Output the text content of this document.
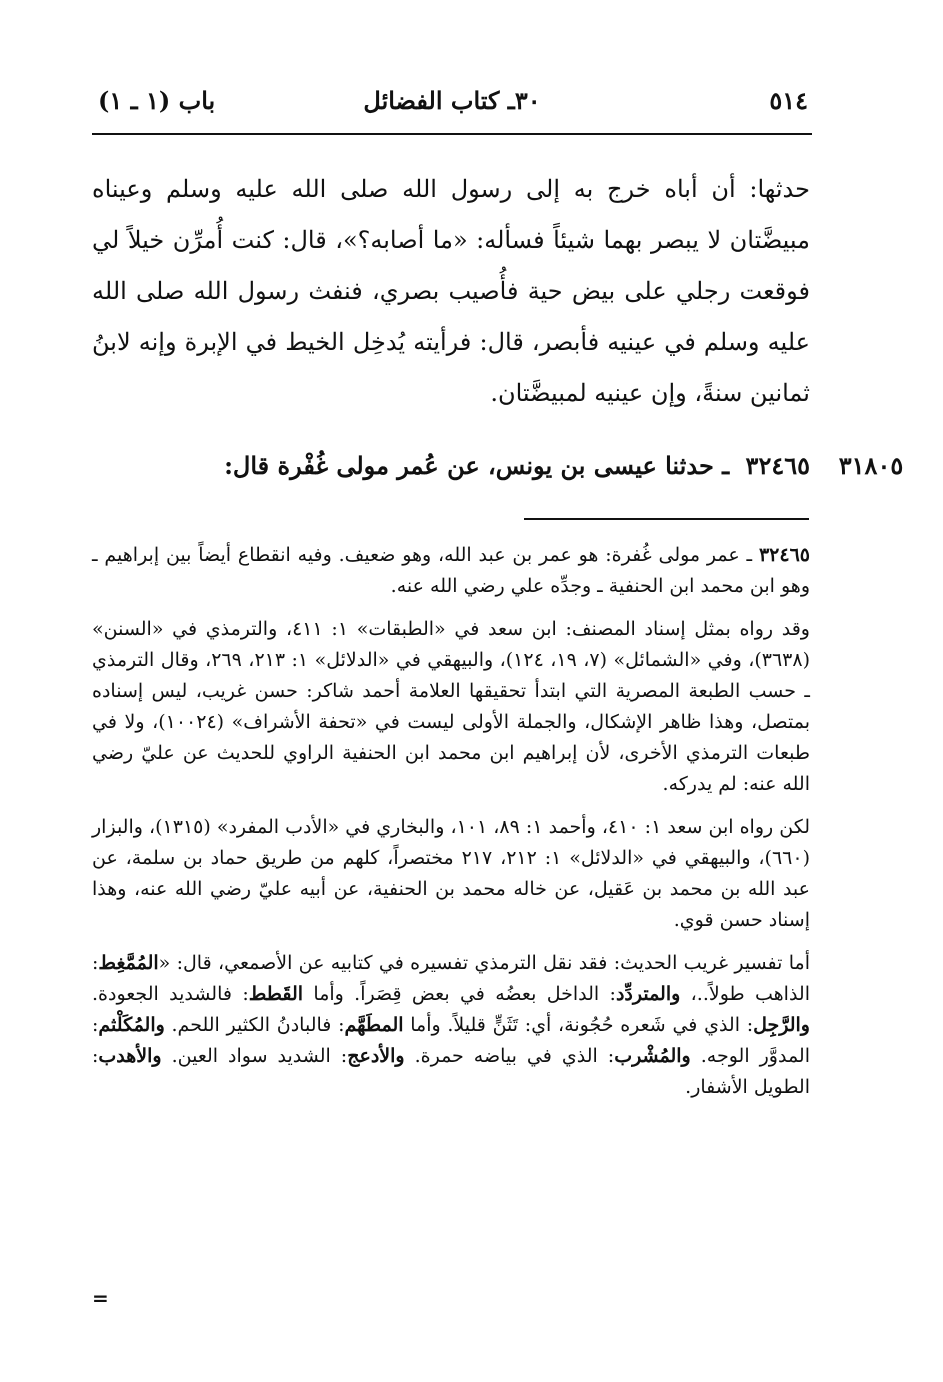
٥١٤
٣٠ـ كتاب الفضائل
باب (١ ـ ١)

حدثها: أن أباه خرج به إلى رسول الله صلى الله عليه وسلم وعيناه مبيضَّتان لا يبصر بهما شيئاً فسأله: «ما أصابه؟»، قال: كنت أُمرِّن خيلاً لي فوقعت رجلي على بيض حية فأُصيب بصري، فنفث رسول الله صلى الله عليه وسلم في عينيه فأبصر، قال: فرأيته يُدخِل الخيط في الإبرة وإنه لابنُ ثمانين سنةً، وإن عينيه لمبيضَّتان.

٣١٨٠٥
٣٢٤٦٥ ـ حدثنا عيسى بن يونس، عن عُمر مولى غُفْرة قال:

٣٢٤٦٥ ـ عمر مولى غُفرة: هو عمر بن عبد الله، وهو ضعيف. وفيه انقطاع أيضاً بين إبراهيم ـ وهو ابن محمد ابن الحنفية ـ وجدِّه علي رضي الله عنه.

وقد رواه بمثل إسناد المصنف: ابن سعد في «الطبقات» ١: ٤١١، والترمذي في «السنن» (٣٦٣٨)، وفي «الشمائل» (٧، ١٩، ١٢٤)، والبيهقي في «الدلائل» ١: ٢١٣، ٢٦٩، وقال الترمذي ـ حسب الطبعة المصرية التي ابتدأ تحقيقها العلامة أحمد شاكر: حسن غريب، ليس إسناده بمتصل، وهذا ظاهر الإشكال، والجملة الأولى ليست في «تحفة الأشراف» (١٠٠٢٤)، ولا في طبعات الترمذي الأخرى، لأن إبراهيم ابن محمد ابن الحنفية الراوي للحديث عن عليّ رضي الله عنه: لم يدركه.

لكن رواه ابن سعد ١: ٤١٠، وأحمد ١: ٨٩، ١٠١، والبخاري في «الأدب المفرد» (١٣١٥)، والبزار (٦٦٠)، والبيهقي في «الدلائل» ١: ٢١٢، ٢١٧ مختصراً، كلهم من طريق حماد بن سلمة، عن عبد الله بن محمد بن عَقيل، عن خاله محمد بن الحنفية، عن أبيه عليّ رضي الله عنه، وهذا إسناد حسن قوي.

أما تفسير غريب الحديث: فقد نقل الترمذي تفسيره في كتابيه عن الأصمعي، قال: «المُمَّغِط: الذاهب طولاً..، والمتردِّد: الداخل بعضُه في بعض قِصَراً. وأما القَطط: فالشديد الجعودة. والرَّجِل: الذي في شَعره حُجُونة، أي: تَثَنٍّ قليلاً. وأما المطَهَّم: فالبادنُ الكثير اللحم. والمُكَلْثم: المدوَّر الوجه. والمُشْرب: الذي في بياضه حمرة. والأدعج: الشديد سواد العين. والأهدب: الطويل الأشفار.

=
